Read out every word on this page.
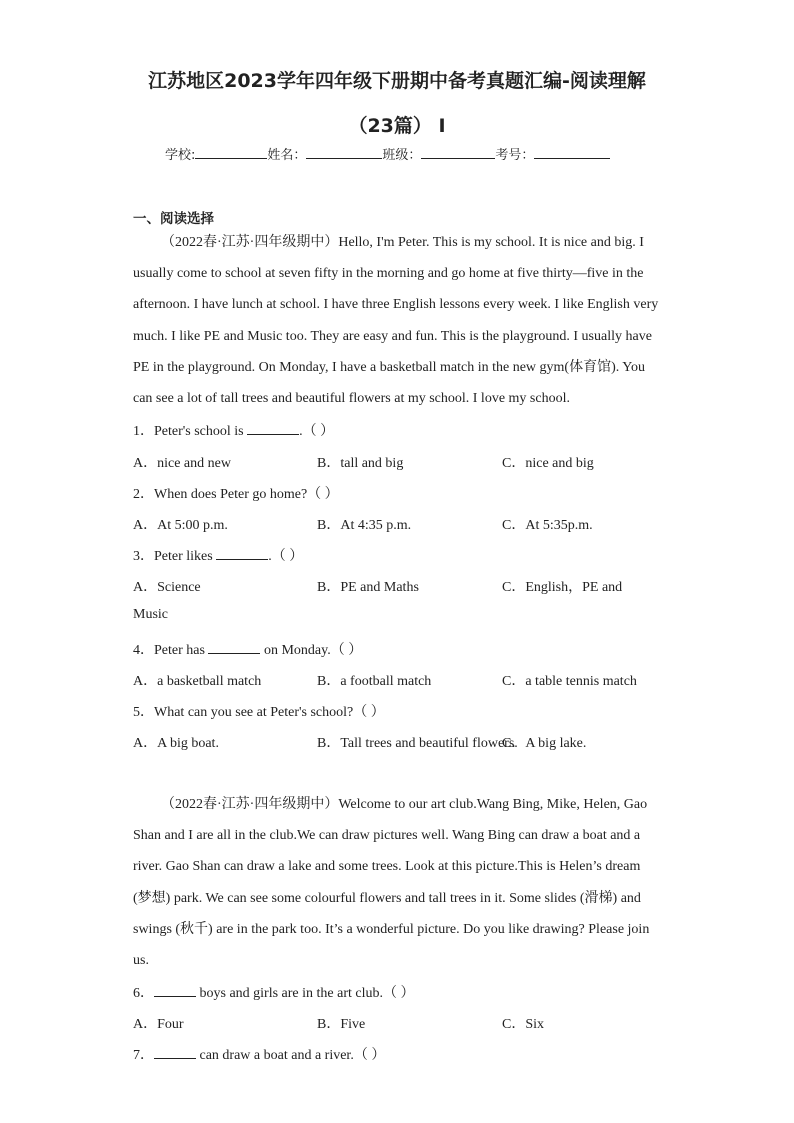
江苏地区2023学年四年级下册期中备考真题汇编-阅读理解
（23篇） I
学校:	姓名：	班级：	考号：
一、阅读选择
（2022春·江苏·四年级期中）Hello, I'm Peter. This is my school. It is nice and big. I usually come to school at seven fifty in the morning and go home at five thirty—five in the afternoon. I have lunch at school. I have three English lessons every week. I like English very much. I like PE and Music too. They are easy and fun. This is the playground. I usually have PE in the playground. On Monday, I have a basketball match in the new gym(体育馆). You can see a lot of tall trees and beautiful flowers at my school. I love my school.
1．Peter's school is	.（ ）
A．nice and new	B．tall and big	C．nice and big
2．When does Peter go home?（ ）
A．At 5:00 p.m.	B．At 4:35 p.m.	C．At 5:35p.m.
3．Peter likes	.（ ）
A．Science	B．PE and Maths	C．English，PE and
Music
4．Peter has	on Monday.（ ）
A．a basketball match	B．a football match	C．a table tennis match
5．What can you see at Peter's school?（ ）
A．A big boat.	B．Tall trees and beautiful flowers.
C．A big lake.
（2022春·江苏·四年级期中）Welcome to our art club.Wang Bing, Mike, Helen, Gao Shan and I are all in the club.We can draw pictures well. Wang Bing can draw a boat and a river. Gao Shan can draw a lake and some trees. Look at this picture.This is Helen’s dream (梦想) park. We can see some colourful flowers and tall trees in it. Some slides (滑梯) and swings (秋千) are in the park too. It’s a wonderful picture. Do you like drawing? Please join us.
6．	boys and girls are in the art club.（ ）
A．Four	B．Five	C．Six
7．	can draw a boat and a river.（ ）
